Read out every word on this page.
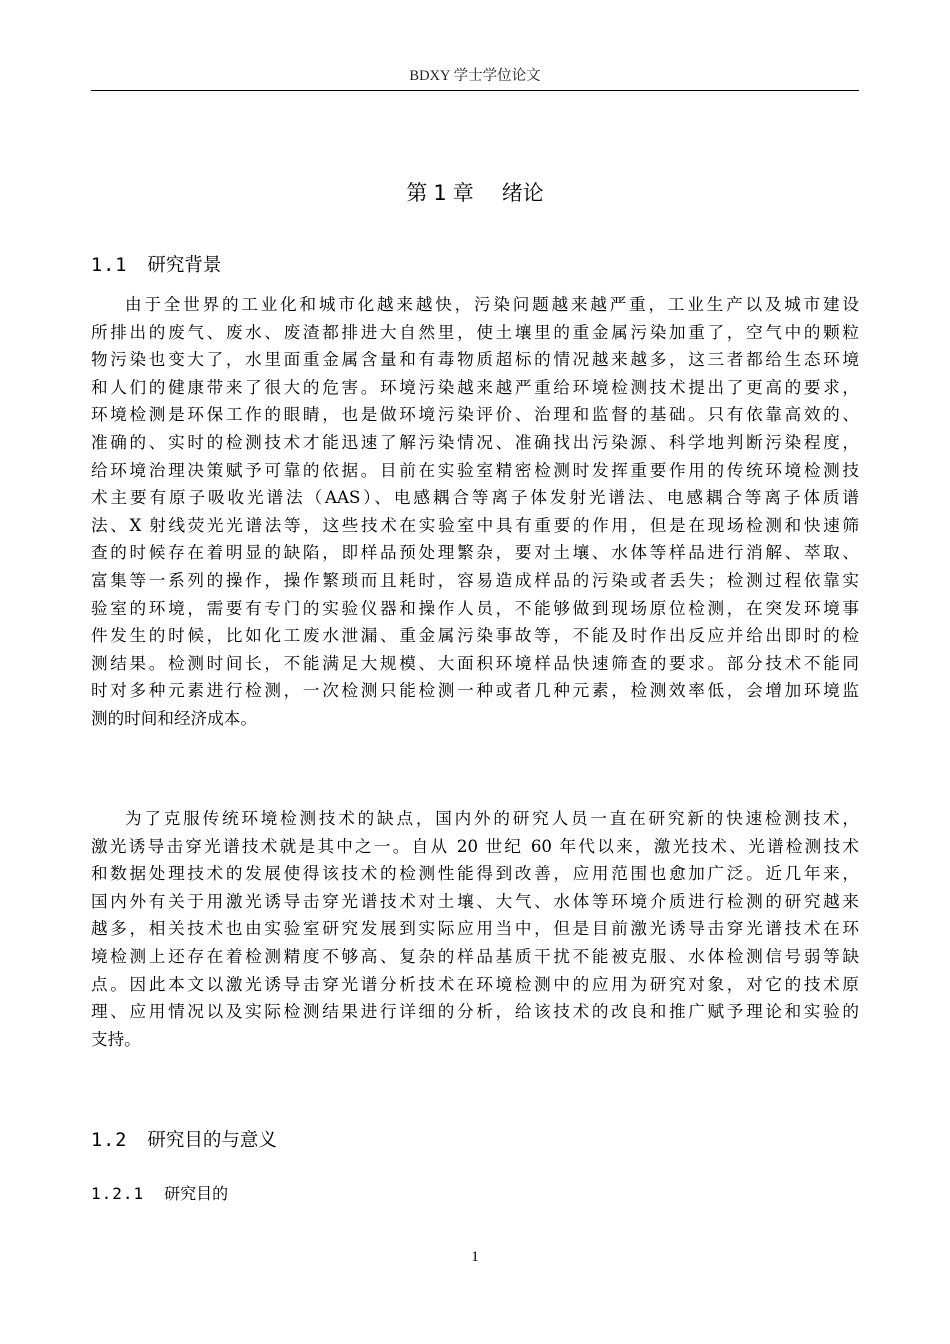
BDXY 学士学位论文
第 1 章 绪论
1.1 研究背景
由于全世界的工业化和城市化越来越快，污染问题越来越严重，工业生产以及城市建设
所排出的废气、废水、废渣都排进大自然里，使土壤里的重金属污染加重了，空气中的颗粒
物污染也变大了，水里面重金属含量和有毒物质超标的情况越来越多，这三者都给生态环境
和人们的健康带来了很大的危害。环境污染越来越严重给环境检测技术提出了更高的要求，
环境检测是环保工作的眼睛，也是做环境污染评价、治理和监督的基础。只有依靠高效的、
准确的、实时的检测技术才能迅速了解污染情况、准确找出污染源、科学地判断污染程度，
给环境治理决策赋予可靠的依据。目前在实验室精密检测时发挥重要作用的传统环境检测技
术主要有原子吸收光谱法（AAS）、电感耦合等离子体发射光谱法、电感耦合等离子体质谱
法、X 射线荧光光谱法等，这些技术在实验室中具有重要的作用，但是在现场检测和快速筛
查的时候存在着明显的缺陷，即样品预处理繁杂，要对土壤、水体等样品进行消解、萃取、
富集等一系列的操作，操作繁琐而且耗时，容易造成样品的污染或者丢失；检测过程依靠实
验室的环境，需要有专门的实验仪器和操作人员，不能够做到现场原位检测，在突发环境事
件发生的时候，比如化工废水泄漏、重金属污染事故等，不能及时作出反应并给出即时的检
测结果。检测时间长，不能满足大规模、大面积环境样品快速筛查的要求。部分技术不能同
时对多种元素进行检测，一次检测只能检测一种或者几种元素，检测效率低，会增加环境监
测的时间和经济成本。
为了克服传统环境检测技术的缺点，国内外的研究人员一直在研究新的快速检测技术，
激光诱导击穿光谱技术就是其中之一。自从 20 世纪 60 年代以来，激光技术、光谱检测技术
和数据处理技术的发展使得该技术的检测性能得到改善，应用范围也愈加广泛。近几年来，
国内外有关于用激光诱导击穿光谱技术对土壤、大气、水体等环境介质进行检测的研究越来
越多，相关技术也由实验室研究发展到实际应用当中，但是目前激光诱导击穿光谱技术在环
境检测上还存在着检测精度不够高、复杂的样品基质干扰不能被克服、水体检测信号弱等缺
点。因此本文以激光诱导击穿光谱分析技术在环境检测中的应用为研究对象，对它的技术原
理、应用情况以及实际检测结果进行详细的分析，给该技术的改良和推广赋予理论和实验的
支持。
1.2 研究目的与意义
1.2.1 研究目的
1
